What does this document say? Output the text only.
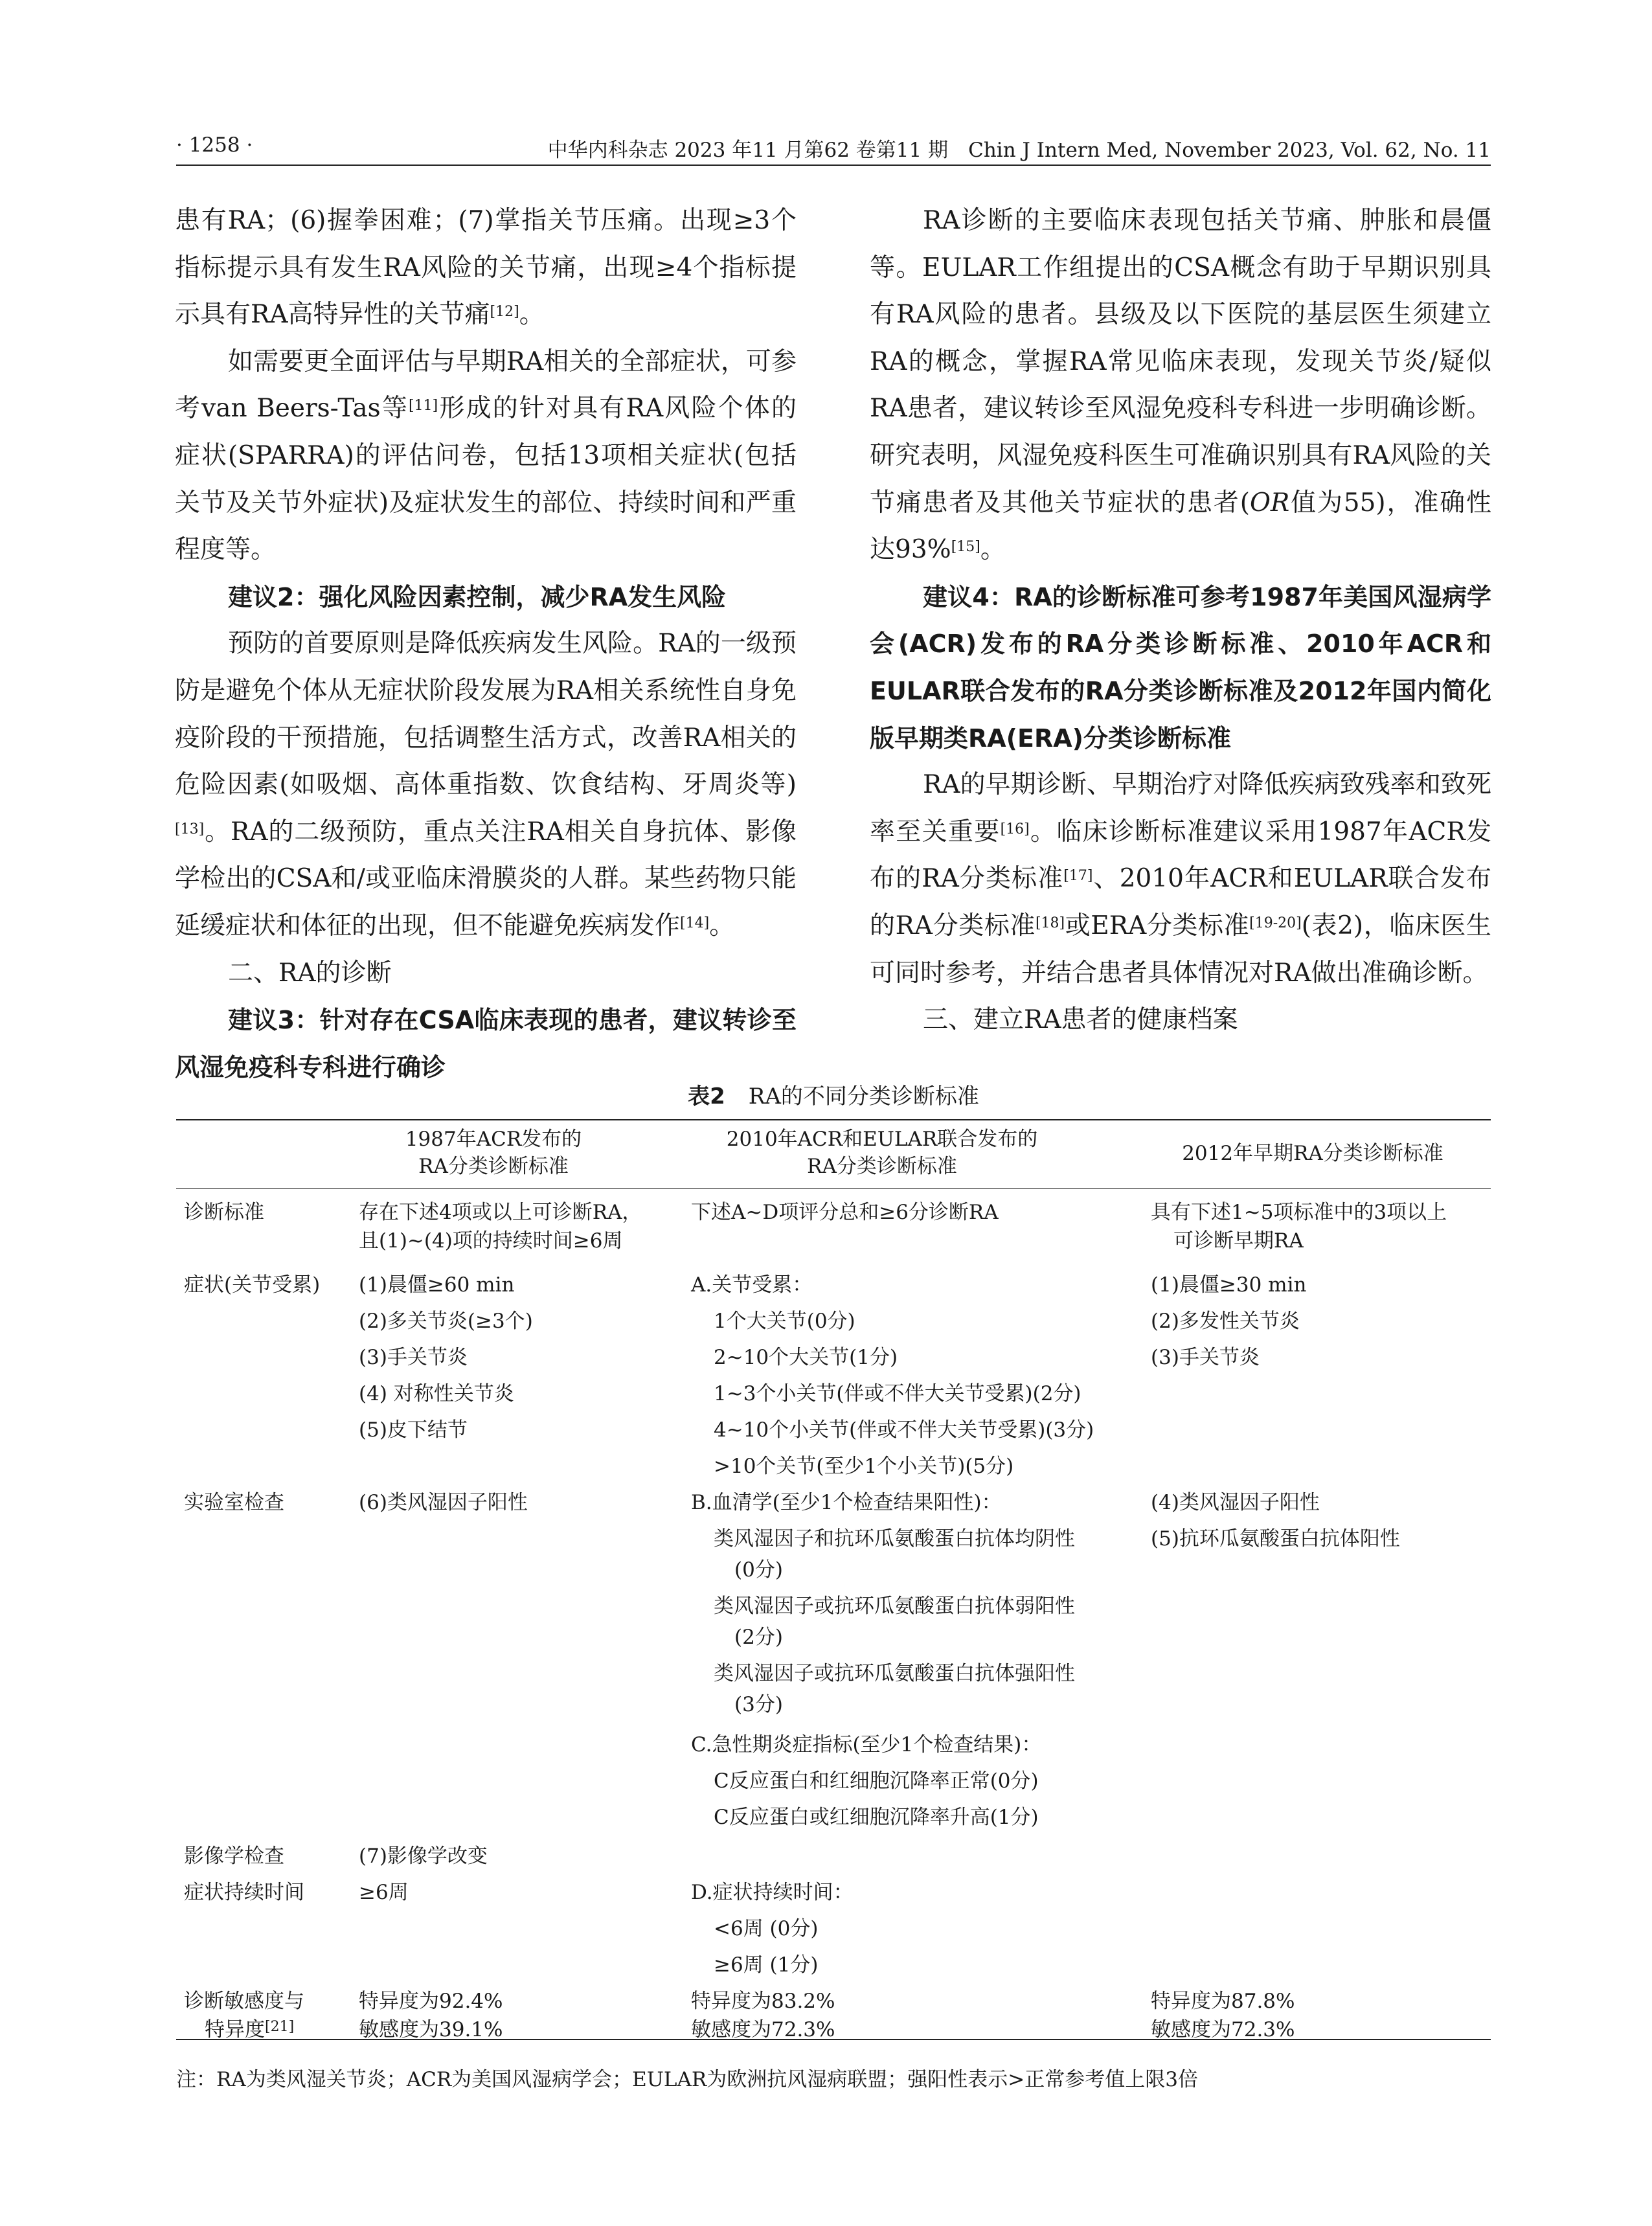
· 1258 ·	中华内科杂志 2023 年11 月第62 卷第11 期　Chin J Intern Med, November 2023, Vol. 62, No. 11

患有RA；(6)握拳困难；(7)掌指关节压痛。出现≥3个指标提示具有发生RA风险的关节痛，出现≥4个指标提示具有RA高特异性的关节痛[12]。

如需要更全面评估与早期RA相关的全部症状，可参考van Beers-Tas等[11]形成的针对具有RA风险个体的症状(SPARRA)的评估问卷，包括13项相关症状(包括关节及关节外症状)及症状发生的部位、持续时间和严重程度等。

建议2：强化风险因素控制，减少RA发生风险

预防的首要原则是降低疾病发生风险。RA的一级预防是避免个体从无症状阶段发展为RA相关系统性自身免疫阶段的干预措施，包括调整生活方式，改善RA相关的危险因素(如吸烟、高体重指数、饮食结构、牙周炎等)[13]。RA的二级预防，重点关注RA相关自身抗体、影像学检出的CSA和/或亚临床滑膜炎的人群。某些药物只能延缓症状和体征的出现，但不能避免疾病发作[14]。

二、RA的诊断

建议3：针对存在CSA临床表现的患者，建议转诊至风湿免疫科专科进行确诊

RA诊断的主要临床表现包括关节痛、肿胀和晨僵等。EULAR工作组提出的CSA概念有助于早期识别具有RA风险的患者。县级及以下医院的基层医生须建立RA的概念，掌握RA常见临床表现，发现关节炎/疑似RA患者，建议转诊至风湿免疫科专科进一步明确诊断。研究表明，风湿免疫科医生可准确识别具有RA风险的关节痛患者及其他关节症状的患者(OR值为55)，准确性达93%[15]。

建议4：RA的诊断标准可参考1987年美国风湿病学会(ACR)发布的RA分类诊断标准、2010年ACR和EULAR联合发布的RA分类诊断标准及2012年国内简化版早期类RA(ERA)分类诊断标准

RA的早期诊断、早期治疗对降低疾病致残率和致死率至关重要[16]。临床诊断标准建议采用1987年ACR发布的RA分类标准[17]、2010年ACR和EULAR联合发布的RA分类标准[18]或ERA分类标准[19-20](表2)，临床医生可同时参考，并结合患者具体情况对RA做出准确诊断。

三、建立RA患者的健康档案

表2 RA的不同分类诊断标准
1987年ACR发布的
RA分类诊断标准
2010年ACR和EULAR联合发布的
RA分类诊断标准
2012年早期RA分类诊断标准
诊断标准
症状(关节受累)
实验室检查
影像学检查
症状持续时间
诊断敏感度与
特异度[21]
存在下述4项或以上可诊断RA，
且(1)~(4)项的持续时间≥6周
(1)晨僵≥60 min
(2)多关节炎(≥3个)
(3)手关节炎
(4) 对称性关节炎
(5)皮下结节
(6)类风湿因子阳性
(7)影像学改变
≥6周
特异度为92.4%
敏感度为39.1%
下述A~D项评分总和≥6分诊断RA
A.关节受累：
1个大关节(0分)
2~10个大关节(1分)
1~3个小关节(伴或不伴大关节受累)(2分)
4~10个小关节(伴或不伴大关节受累)(3分)
>10个关节(至少1个小关节)(5分)
B.血清学(至少1个检查结果阳性)：
类风湿因子和抗环瓜氨酸蛋白抗体均阴性
(0分)
类风湿因子或抗环瓜氨酸蛋白抗体弱阳性
(2分)
类风湿因子或抗环瓜氨酸蛋白抗体强阳性
(3分)
C.急性期炎症指标(至少1个检查结果)：
C反应蛋白和红细胞沉降率正常(0分)
C反应蛋白或红细胞沉降率升高(1分)
D.症状持续时间：
<6周 (0分)
≥6周 (1分)
特异度为83.2%
敏感度为72.3%
具有下述1~5项标准中的3项以上
可诊断早期RA
(1)晨僵≥30 min
(2)多发性关节炎
(3)手关节炎
(4)类风湿因子阳性
(5)抗环瓜氨酸蛋白抗体阳性
特异度为87.8%
敏感度为72.3%
注：RA为类风湿关节炎；ACR为美国风湿病学会；EULAR为欧洲抗风湿病联盟；强阳性表示>正常参考值上限3倍
